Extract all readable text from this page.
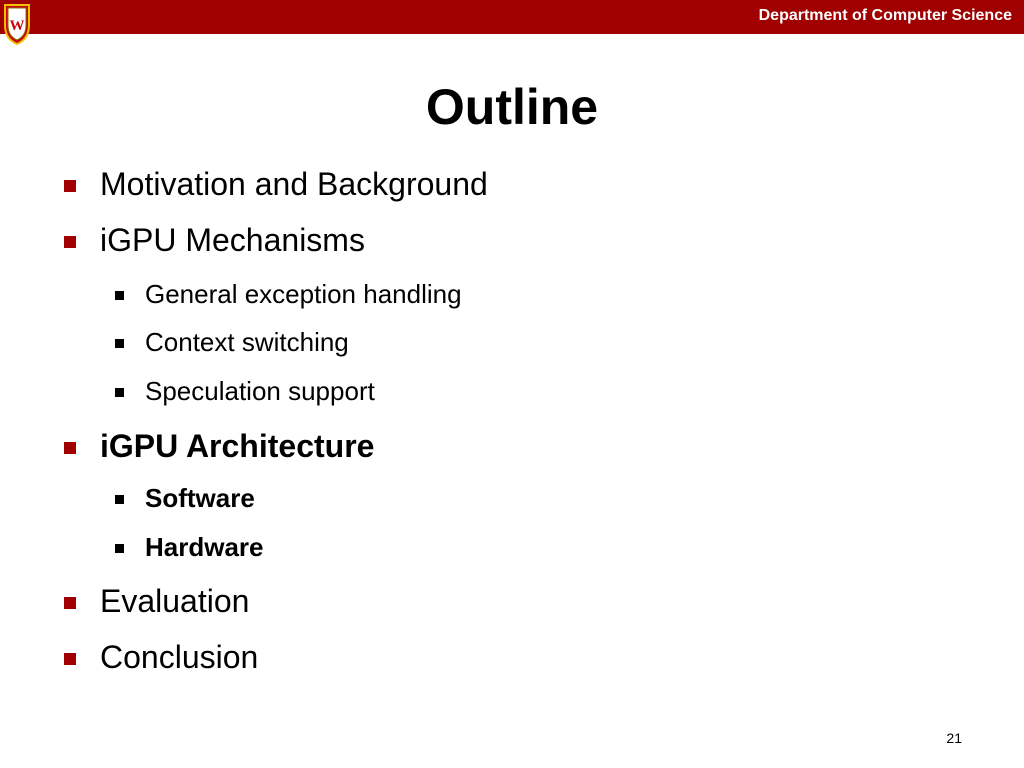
W
Department of Computer Science
Outline
Motivation and Background
iGPU Mechanisms
General exception handling
Context switching
Speculation support
iGPU Architecture
Software
Hardware
Evaluation
Conclusion
21
